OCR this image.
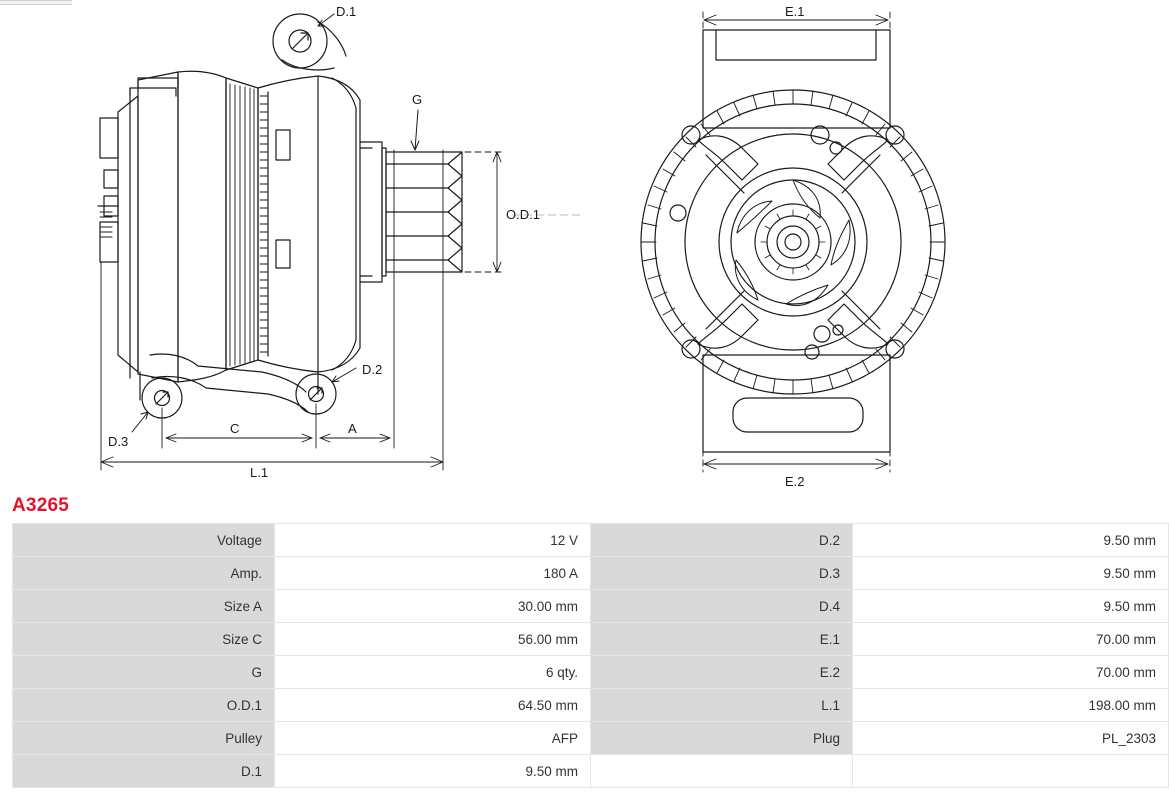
D.1
D.2
D.3
G
O.D.1
A
C
L.1
E.1
E.2
A3265
Voltage	12 V	D.2	9.50 mm
Amp.	180 A	D.3	9.50 mm
Size A	30.00 mm	D.4	9.50 mm
Size C	56.00 mm	E.1	70.00 mm
G	6 qty.	E.2	70.00 mm
O.D.1	64.50 mm	L.1	198.00 mm
Pulley	AFP	Plug	PL_2303
D.1	9.50 mm		
